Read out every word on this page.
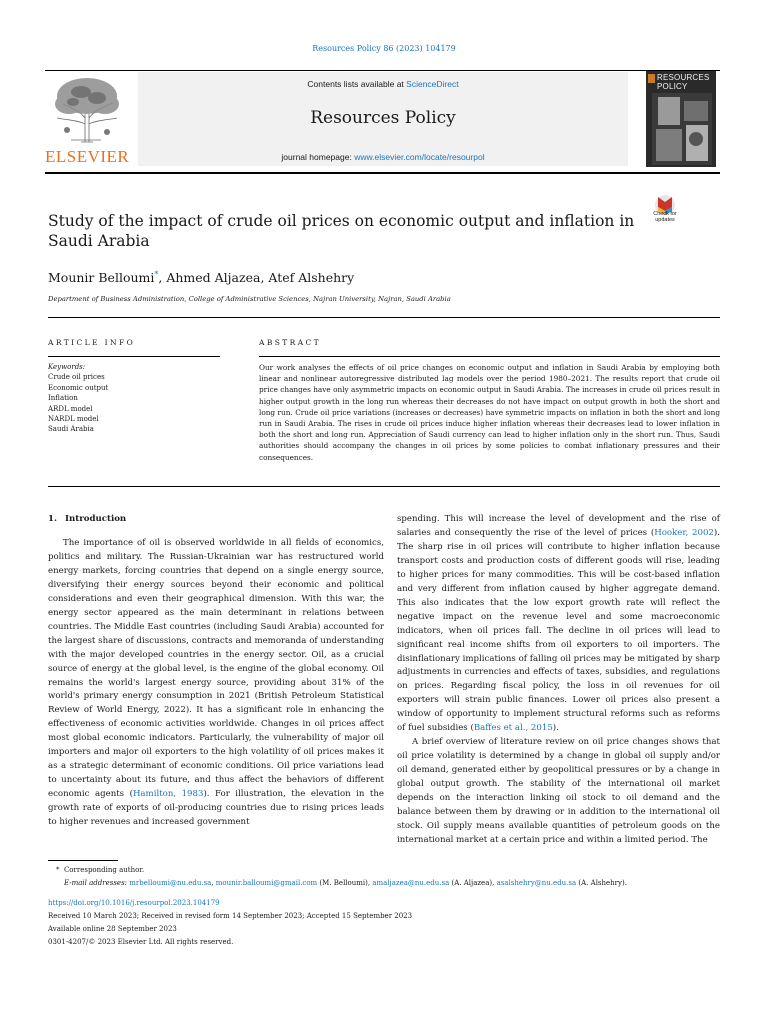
Resources Policy 86 (2023) 104179
ELSEVIER
Contents lists available at ScienceDirect
Resources Policy
journal homepage: www.elsevier.com/locate/resourpol
RESOURCES
POLICY
Study of the impact of crude oil prices on economic output and inflation in Saudi Arabia
Check for
updates
Mounir Belloumi*, Ahmed Aljazea, Atef Alshehry
Department of Business Administration, College of Administrative Sciences, Najran University, Najran, Saudi Arabia
ARTICLE INFO	ABSTRACT
Keywords:
Crude oil prices
Economic output
Inflation
ARDL model
NARDL model
Saudi Arabia
Our work analyses the effects of oil price changes on economic output and inflation in Saudi Arabia by employing both linear and nonlinear autoregressive distributed lag models over the period 1980–2021. The results report that crude oil price changes have only asymmetric impacts on economic output in Saudi Arabia. The increases in crude oil prices result in higher output growth in the long run whereas their decreases do not have impact on output growth in both the short and long run. Crude oil price variations (increases or decreases) have symmetric impacts on inflation in both the short and long run in Saudi Arabia. The rises in crude oil prices induce higher inflation whereas their decreases lead to lower inflation in both the short and long run. Appreciation of Saudi currency can lead to higher inflation only in the short run. Thus, Saudi authorities should accompany the changes in oil prices by some policies to combat inflationary pressures and their consequences.
1. Introduction

The importance of oil is observed worldwide in all fields of economics, politics and military. The Russian-Ukrainian war has restructured world energy markets, forcing countries that depend on a single energy source, diversifying their energy sources beyond their economic and political considerations and even their geographical dimension. With this war, the energy sector appeared as the main determinant in relations between countries. The Middle East countries (including Saudi Arabia) accounted for the largest share of discussions, contracts and memoranda of understanding with the major developed countries in the energy sector. Oil, as a crucial source of energy at the global level, is the engine of the global economy. Oil remains the world's largest energy source, providing about 31% of the world's primary energy consumption in 2021 (British Petroleum Statistical Review of World Energy, 2022). It has a significant role in enhancing the effectiveness of economic activities worldwide. Changes in oil prices affect most global economic indicators. Particularly, the vulnerability of major oil importers and major oil exporters to the high volatility of oil prices makes it as a strategic determinant of economic conditions. Oil price variations lead to uncertainty about its future, and thus affect the behaviors of different economic agents (Hamilton, 1983). For illustration, the elevation in the growth rate of exports of oil-producing countries due to rising prices leads to higher revenues and increased government

spending. This will increase the level of development and the rise of salaries and consequently the rise of the level of prices (Hooker, 2002). The sharp rise in oil prices will contribute to higher inflation because transport costs and production costs of different goods will rise, leading to higher prices for many commodities. This will be cost-based inflation and very different from inflation caused by higher aggregate demand. This also indicates that the low export growth rate will reflect the negative impact on the revenue level and some macroeconomic indicators, when oil prices fall. The decline in oil prices will lead to significant real income shifts from oil exporters to oil importers. The disinflationary implications of falling oil prices may be mitigated by sharp adjustments in currencies and effects of taxes, subsidies, and regulations on prices. Regarding fiscal policy, the loss in oil revenues for oil exporters will strain public finances. Lower oil prices also present a window of opportunity to implement structural reforms such as reforms of fuel subsidies (Baffes et al., 2015).

A brief overview of literature review on oil price changes shows that oil price volatility is determined by a change in global oil supply and/or oil demand, generated either by geopolitical pressures or by a change in global output growth. The stability of the international oil market depends on the interaction linking oil stock to oil demand and the balance between them by drawing or in addition to the international oil stock. Oil supply means available quantities of petroleum goods on the international market at a certain price and within a limited period. The

*  Corresponding author.
E-mail addresses: mrbelloumi@nu.edu.sa, mounir.balloumi@gmail.com (M. Belloumi), amaljazea@nu.edu.sa (A. Aljazea), asalshehry@nu.edu.sa (A. Alshehry).
https://doi.org/10.1016/j.resourpol.2023.104179
Received 10 March 2023; Received in revised form 14 September 2023; Accepted 15 September 2023
Available online 28 September 2023
0301-4207/© 2023 Elsevier Ltd. All rights reserved.
